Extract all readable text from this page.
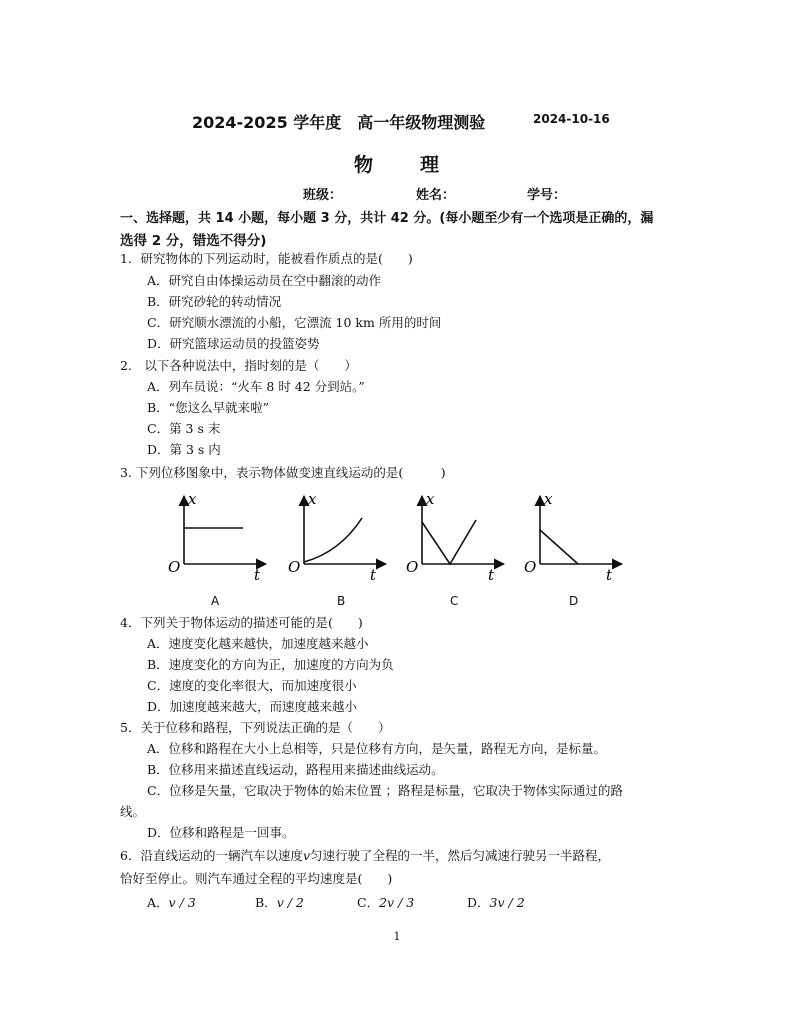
2024-2025 学年度　高一年级物理测验	2024-10-16
物 理
班级：	姓名：	学号：
一、选择题，共 14 小题，每小题 3 分，共计 42 分。(每小题至少有一个选项是正确的，漏
选得 2 分，错选不得分)
1．研究物体的下列运动时，能被看作质点的是(　　)
A．研究自由体操运动员在空中翻滚的动作
B．研究砂轮的转动情况
C．研究顺水漂流的小船，它漂流 10 km 所用的时间
D．研究篮球运动员的投篮姿势
2.　以下各种说法中，指时刻的是（　　）
A．列车员说：“火车 8 时 42 分到站。”
B．“您这么早就来啦”
C．第 3 s 末
D．第 3 s 内
3. 下列位移图象中，表示物体做变速直线运动的是(　　　)
x
O	t
x
O	t
x
O	t
x
O	t
A	B	C	D
4．下列关于物体运动的描述可能的是(　　)
A．速度变化越来越快，加速度越来越小
B．速度变化的方向为正，加速度的方向为负
C．速度的变化率很大，而加速度很小
D．加速度越来越大，而速度越来越小
5．关于位移和路程，下列说法正确的是（　　）
A．位移和路程在大小上总相等，只是位移有方向，是矢量，路程无方向，是标量。
B．位移用来描述直线运动，路程用来描述曲线运动。
C．位移是矢量，它取决于物体的始末位置 ；路程是标量，它取决于物体实际通过的路
线。
D．位移和路程是一回事。
6．沿直线运动的一辆汽车以速度v匀速行驶了全程的一半，然后匀减速行驶另一半路程，
恰好至停止。则汽车通过全程的平均速度是(　　)
A．v / 3	B．v / 2	C．2v / 3	D．3v / 2
1
